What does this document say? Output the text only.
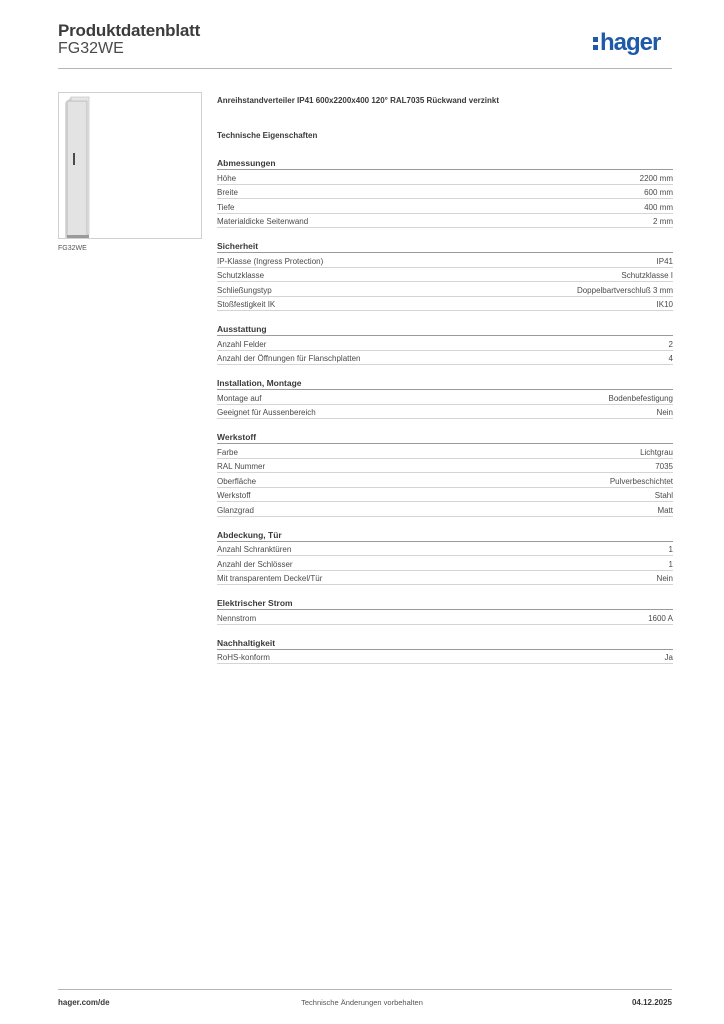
Produktdatenblatt
FG32WE	hager
FG32WE
Anreihstandverteiler IP41 600x2200x400 120° RAL7035 Rückwand verzinkt
Technische Eigenschaften
Abmessungen
Höhe	2200 mm
Breite	600 mm
Tiefe	400 mm
Materialdicke Seitenwand	2 mm
Sicherheit
IP-Klasse (Ingress Protection)	IP41
Schutzklasse	Schutzklasse I
Schließungstyp	Doppelbartverschluß 3 mm
Stoßfestigkeit IK	IK10
Ausstattung
Anzahl Felder	2
Anzahl der Öffnungen für Flanschplatten	4
Installation, Montage
Montage auf	Bodenbefestigung
Geeignet für Aussenbereich	Nein
Werkstoff
Farbe	Lichtgrau
RAL Nummer	7035
Oberfläche	Pulverbeschichtet
Werkstoff	Stahl
Glanzgrad	Matt
Abdeckung, Tür
Anzahl Schranktüren	1
Anzahl der Schlösser	1
Mit transparentem Deckel/Tür	Nein
Elektrischer Strom
Nennstrom	1600 A
Nachhaltigkeit
RoHS-konform	Ja
hager.com/de	Technische Änderungen vorbehalten	04.12.2025
